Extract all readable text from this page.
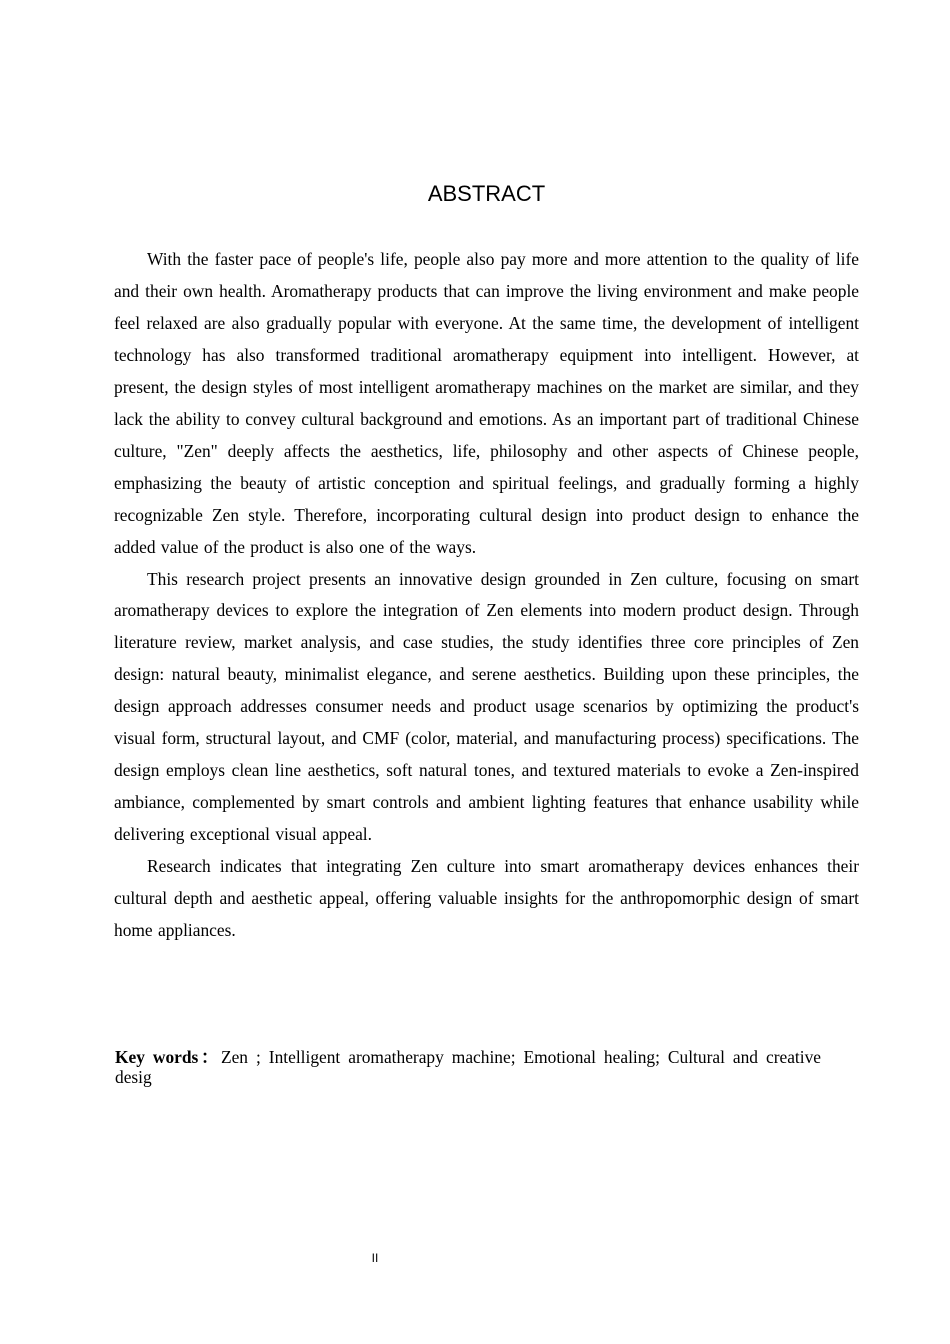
ABSTRACT

With the faster pace of people's life, people also pay more and more attention to the quality of life and their own health. Aromatherapy products that can improve the living environment and make people feel relaxed are also gradually popular with everyone. At the same time, the development of intelligent technology has also transformed traditional aromatherapy equipment into intelligent. However, at present, the design styles of most intelligent aromatherapy machines on the market are similar, and they lack the ability to convey cultural background and emotions. As an important part of traditional Chinese culture, "Zen" deeply affects the aesthetics, life, philosophy and other aspects of Chinese people, emphasizing the beauty of artistic conception and spiritual feelings, and gradually forming a highly recognizable Zen style. Therefore, incorporating cultural design into product design to enhance the added value of the product is also one of the ways.

This research project presents an innovative design grounded in Zen culture, focusing on smart aromatherapy devices to explore the integration of Zen elements into modern product design. Through literature review, market analysis, and case studies, the study identifies three core principles of Zen design: natural beauty, minimalist elegance, and serene aesthetics. Building upon these principles, the design approach addresses consumer needs and product usage scenarios by optimizing the product's visual form, structural layout, and CMF (color, material, and manufacturing process) specifications. The design employs clean line aesthetics, soft natural tones, and textured materials to evoke a Zen-inspired ambiance, complemented by smart controls and ambient lighting features that enhance usability while delivering exceptional visual appeal.

Research indicates that integrating Zen culture into smart aromatherapy devices enhances their cultural depth and aesthetic appeal, offering valuable insights for the anthropomorphic design of smart home appliances.

Key words：Zen ; Intelligent aromatherapy machine; Emotional healing; Cultural and creative desig
II
